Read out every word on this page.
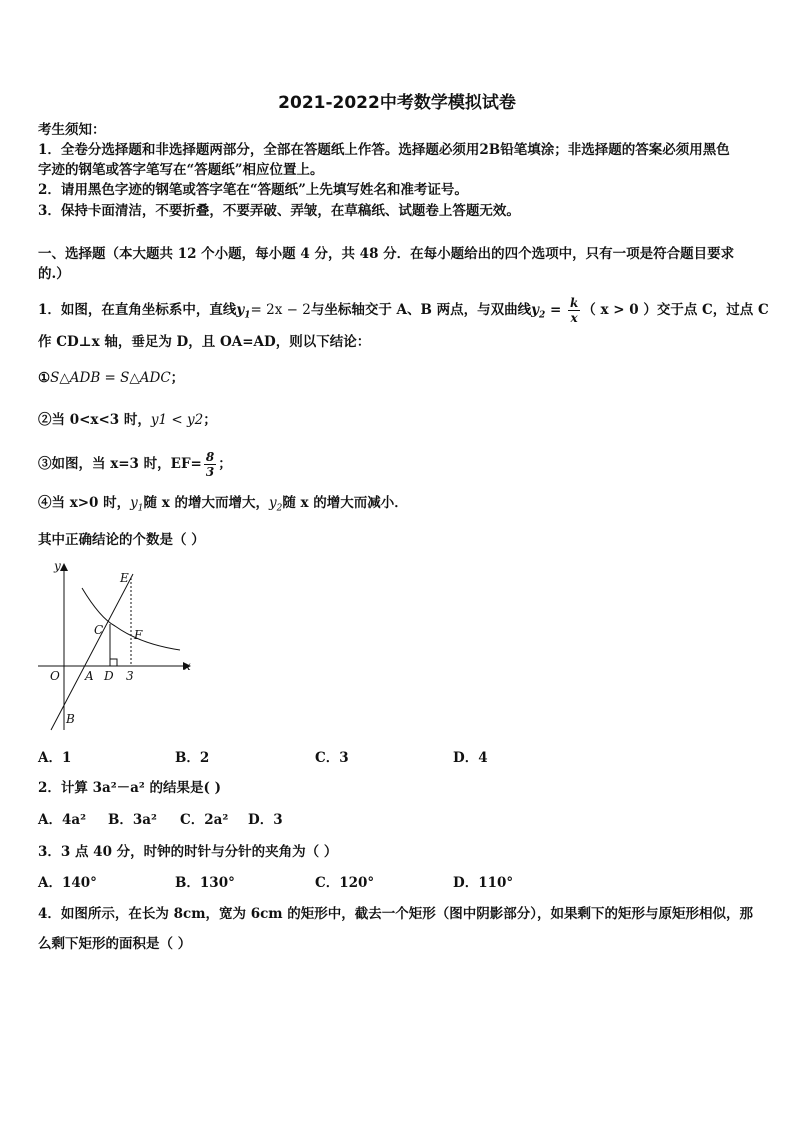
2021-2022中考数学模拟试卷
考生须知：
1．全卷分选择题和非选择题两部分，全部在答题纸上作答。选择题必须用2B铅笔填涂；非选择题的答案必须用黑色
字迹的钢笔或答字笔写在“答题纸”相应位置上。
2．请用黑色字迹的钢笔或答字笔在“答题纸”上先填写姓名和准考证号。
3．保持卡面清洁，不要折叠，不要弄破、弄皱，在草稿纸、试题卷上答题无效。
一、选择题（本大题共 12 个小题，每小题 4 分，共 48 分．在每小题给出的四个选项中，只有一项是符合题目要求
的.）
1．如图，在直角坐标系中，直线$y_1= 2x - 2$与坐标轴交于 A、B 两点，与双曲线$y_2 = \frac{k}{x}$ （ x > 0 ）交于点 C，过点 C
作 CD⊥x 轴，垂足为 D，且 OA=AD，则以下结论：
①S△ADB = S△ADC；
②当 0<x<3 时，y1 < y2；
③如图，当 x=3 时，$EF= \frac{8}{3}$ ；
④当 x>0 时，$y_1$随 x 的增大而增大，$y_2$随 x 的增大而减小．
其中正确结论的个数是（ ）
y
x
O A D 3
B
C
E
F
A．1	B．2	C．3	D．4
2．计算 3a²－a² 的结果是( )
A．4a² B．3a² C．2a² D．3
3．3 点 40 分，时钟的时针与分针的夹角为（ ）
A．140°	B．130°	C．120°	D．110°
4．如图所示，在长为 8cm，宽为 6cm 的矩形中，截去一个矩形（图中阴影部分），如果剩下的矩形与原矩形相似，那
么剩下矩形的面积是（ ）
